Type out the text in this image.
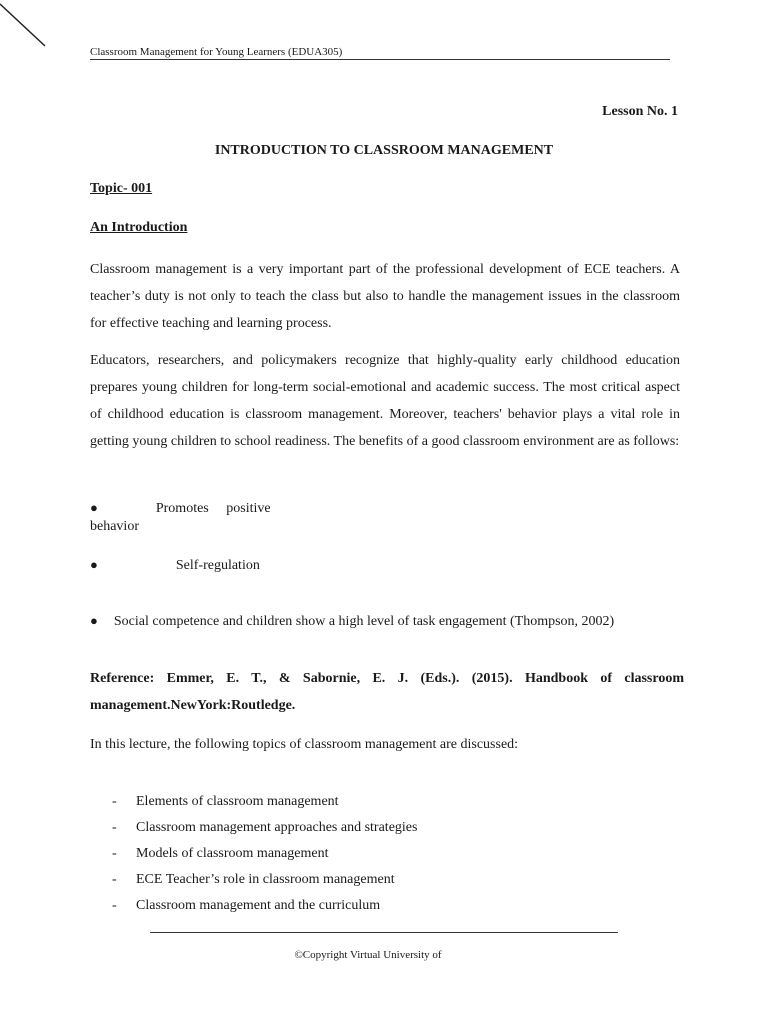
Classroom Management for Young Learners (EDUA305)
Lesson No. 1
INTRODUCTION TO CLASSROOM MANAGEMENT
Topic- 001
An Introduction

Classroom management is a very important part of the professional development of ECE teachers. A teacher’s duty is not only to teach the class but also to handle the management issues in the classroom for effective teaching and learning process.

Educators, researchers, and policymakers recognize that highly-quality early childhood education prepares young children for long-term social-emotional and academic success. The most critical aspect of childhood education is classroom management. Moreover, teachers' behavior plays a vital role in getting young children to school readiness. The benefits of a good classroom environment are as follows:

●	Promotes positive behavior
●	Self-regulation
● Social competence and children show a high level of task engagement (Thompson, 2002)

Reference: Emmer, E. T., & Sabornie, E. J. (Eds.). (2015). Handbook of classroom management.NewYork:Routledge.

In this lecture, the following topics of classroom management are discussed:

- Elements of classroom management
- Classroom management approaches and strategies
- Models of classroom management
- ECE Teacher’s role in classroom management
- Classroom management and the curriculum
©Copyright Virtual University of
